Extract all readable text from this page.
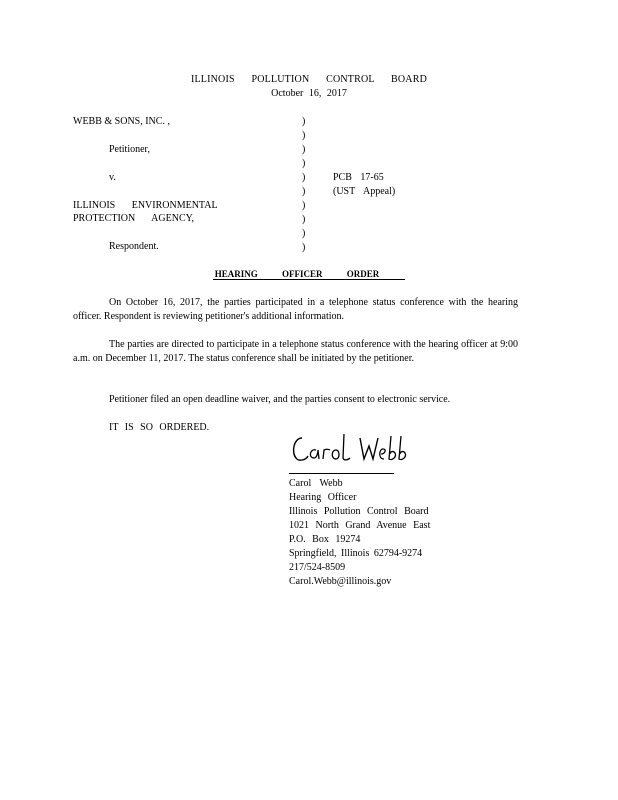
ILLINOIS POLLUTION CONTROL BOARD
October 16, 2017
WEBB & SONS, INC. ,
Petitioner,
v.
ILLINOIS ENVIRONMENTAL
PROTECTION AGENCY,
Respondent.
)
)
)
)
)
)
)
)
)
)
PCB 17-65
(UST Appeal)
HEARING OFFICER ORDER
On October 16, 2017, the parties participated in a telephone status conference with the hearing officer. Respondent is reviewing petitioner's additional information.
The parties are directed to participate in a telephone status conference with the hearing officer at 9:00 a.m. on December 11, 2017. The status conference shall be initiated by the petitioner.
Petitioner filed an open deadline waiver, and the parties consent to electronic service.
IT IS SO ORDERED.
Carol Webb
Hearing Officer
Illinois Pollution Control Board
1021 North Grand Avenue East
P.O. Box 19274
Springfield, Illinois 62794-9274
217/524-8509
Carol.Webb@illinois.gov
